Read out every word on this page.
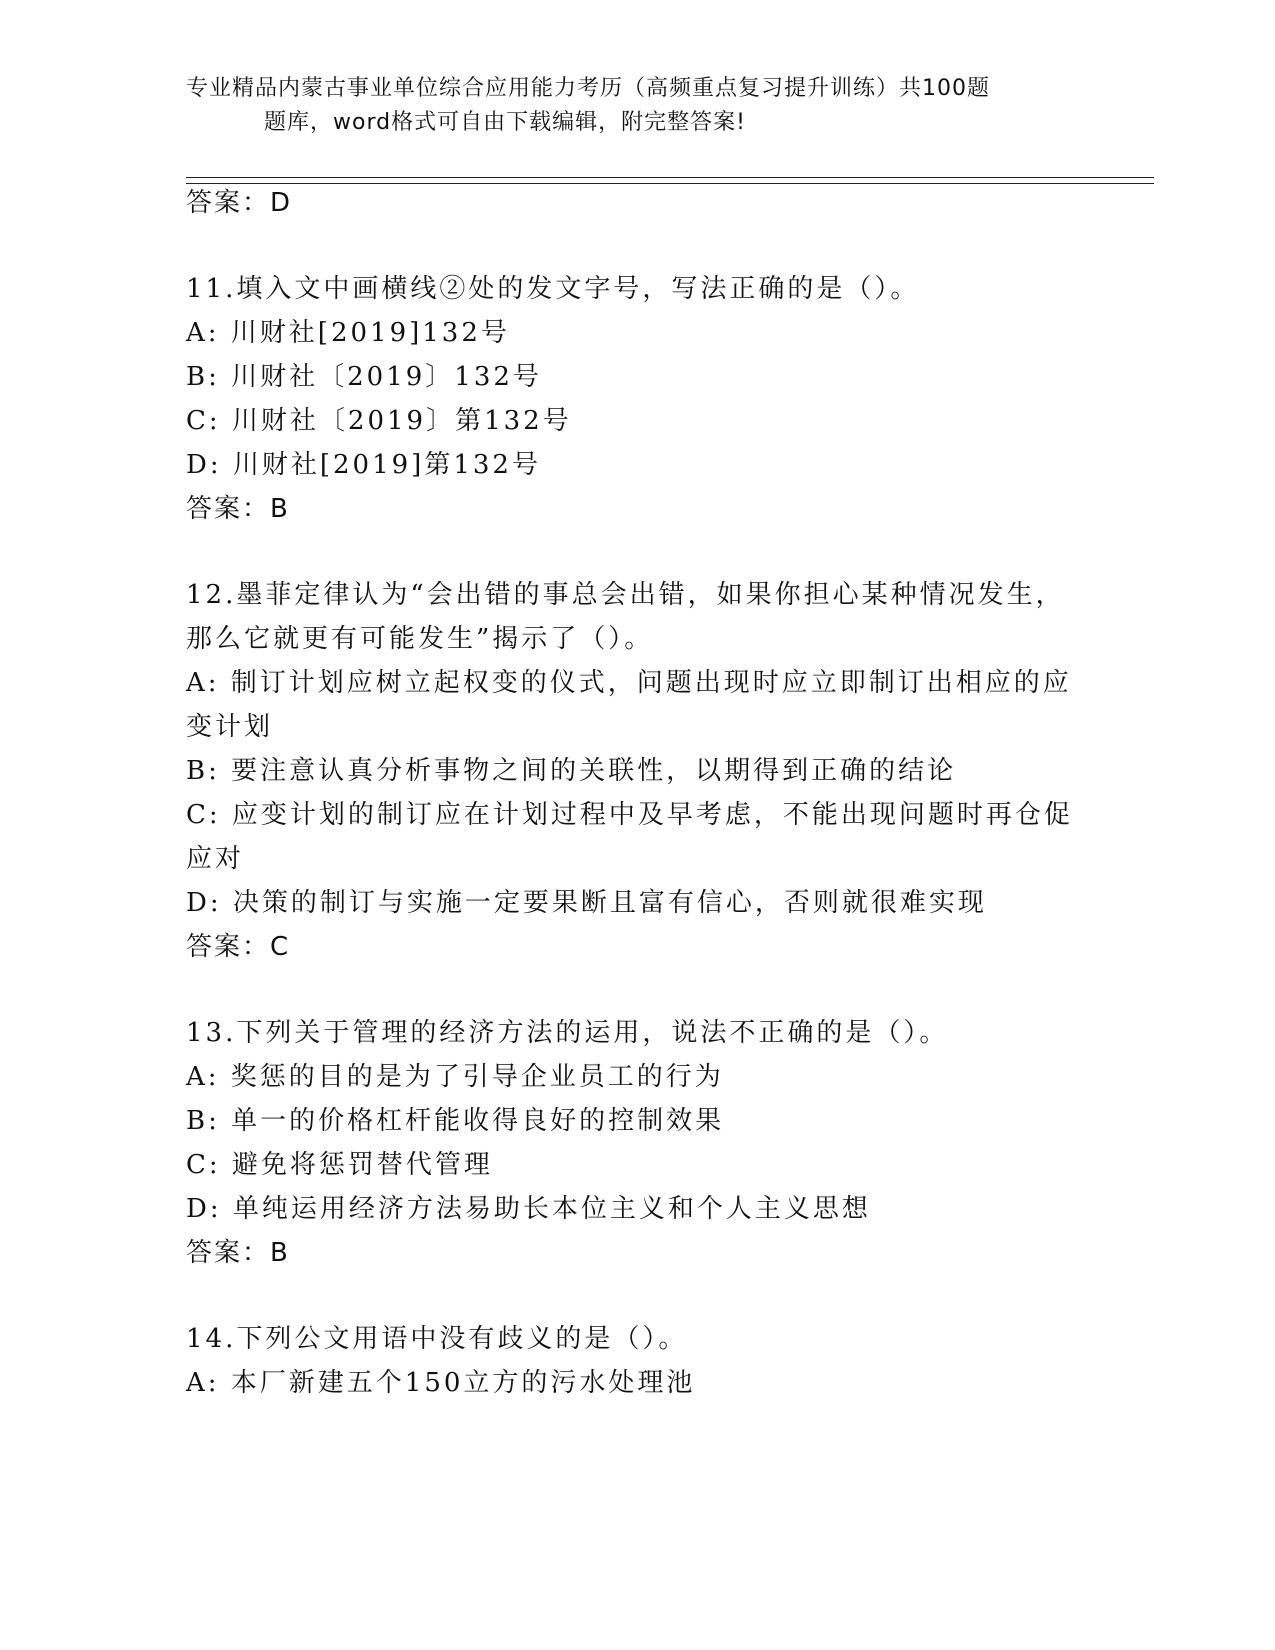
专业精品内蒙古事业单位综合应用能力考历（高频重点复习提升训练）共100题
题库，word格式可自由下载编辑，附完整答案!
答案：D
11.填入文中画横线②处的发文字号，写法正确的是（）。
A: 川财社[2019]132号
B: 川财社〔2019〕132号
C: 川财社〔2019〕第132号
D: 川财社[2019]第132号
答案：B
12.墨菲定律认为“会出错的事总会出错，如果你担心某种情况发生，
那么它就更有可能发生”揭示了（）。
A: 制订计划应树立起权变的仪式，问题出现时应立即制订出相应的应
变计划
B: 要注意认真分析事物之间的关联性，以期得到正确的结论
C: 应变计划的制订应在计划过程中及早考虑，不能出现问题时再仓促
应对
D: 决策的制订与实施一定要果断且富有信心，否则就很难实现
答案：C
13.下列关于管理的经济方法的运用，说法不正确的是（）。
A: 奖惩的目的是为了引导企业员工的行为
B: 单一的价格杠杆能收得良好的控制效果
C: 避免将惩罚替代管理
D: 单纯运用经济方法易助长本位主义和个人主义思想
答案：B
14.下列公文用语中没有歧义的是（）。
A: 本厂新建五个150立方的污水处理池
